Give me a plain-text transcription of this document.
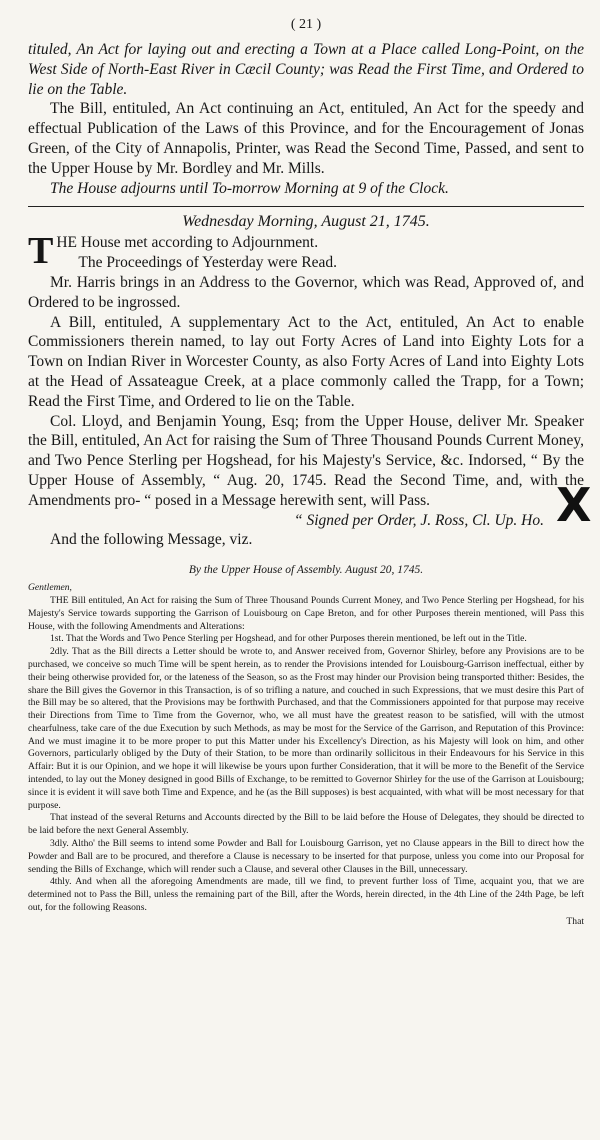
( 21 )

tituled, An Act for laying out and erecting a Town at a Place called Long-Point, on the West Side of North-East River in Cæcil County; was Read the First Time, and Ordered to lie on the Table.

The Bill, entituled, An Act continuing an Act, entituled, An Act for the speedy and effectual Publication of the Laws of this Province, and for the Encouragement of Jonas Green, of the City of Annapolis, Printer, was Read the Second Time, Passed, and sent to the Upper House by Mr. Bordley and Mr. Mills.

The House adjourns until To-morrow Morning at 9 of the Clock.

Wednesday Morning, August 21, 1745.

THE House met according to Adjournment.

The Proceedings of Yesterday were Read.

Mr. Harris brings in an Address to the Governor, which was Read, Approved of, and Ordered to be ingrossed.

A Bill, entituled, A supplementary Act to the Act, entituled, An Act to enable Commissioners therein named, to lay out Forty Acres of Land into Eighty Lots for a Town on Indian River in Worcester County, as also Forty Acres of Land into Eighty Lots at the Head of Assateague Creek, at a place commonly called the Trapp, for a Town; Read the First Time, and Ordered to lie on the Table.

Col. Lloyd, and Benjamin Young, Esq; from the Upper House, deliver Mr. Speaker the Bill, entituled, An Act for raising the Sum of Three Thousand Pounds Current Money, and Two Pence Sterling per Hogshead, for his Majesty's Service, &c. Indorsed, “ By the Upper House of Assembly, “ Aug. 20, 1745. Read the Second Time, and, with the Amendments pro- “ posed in a Message herewith sent, will Pass.

“ Signed per Order, J. Ross, Cl. Up. Ho.

And the following Message, viz.

By the Upper House of Assembly. August 20, 1745.

Gentlemen,

THE Bill entituled, An Act for raising the Sum of Three Thousand Pounds Current Money, and Two Pence Sterling per Hogshead, for his Majesty's Service towards supporting the Garrison of Louisbourg on Cape Breton, and for other Purposes therein mentioned, will Pass this House, with the following Amendments and Alterations:

1st. That the Words and Two Pence Sterling per Hogshead, and for other Purposes therein mentioned, be left out in the Title.

2dly. That as the Bill directs a Letter should be wrote to, and Answer received from, Governor Shirley, before any Provisions are to be purchased, we conceive so much Time will be spent herein, as to render the Provisions intended for Louisbourg-Garrison ineffectual, either by their being otherwise provided for, or the lateness of the Season, so as the Frost may hinder our Provision being transported thither: Besides, the share the Bill gives the Governor in this Transaction, is of so trifling a nature, and couched in such Expressions, that we must desire this Part of the Bill may be so altered, that the Provisions may be forthwith Purchased, and that the Commissioners appointed for that purpose may receive their Directions from Time to Time from the Governor, who, we all must have the greatest reason to be satisfied, will with the utmost chearfulness, take care of the due Execution by such Methods, as may be most for the Service of the Garrison, and Reputation of this Province: And we must imagine it to be more proper to put this Matter under his Excellency's Direction, as his Majesty will look on him, and other Governors, particularly obliged by the Duty of their Station, to be more than ordinarily sollicitous in their Endeavours for his Service in this Affair: But it is our Opinion, and we hope it will likewise be yours upon further Consideration, that it will be more to the Benefit of the Service intended, to lay out the Money designed in good Bills of Exchange, to be remitted to Governor Shirley for the use of the Garrison at Louisbourg; since it is evident it will save both Time and Expence, and he (as the Bill supposes) is best acquainted, with what will be most necessary for that purpose.

That instead of the several Returns and Accounts directed by the Bill to be laid before the House of Delegates, they should be directed to be laid before the next General Assembly.

3dly. Altho' the Bill seems to intend some Powder and Ball for Louisbourg Garrison, yet no Clause appears in the Bill to direct how the Powder and Ball are to be procured, and therefore a Clause is necessary to be inserted for that purpose, unless you come into our Proposal for sending the Bills of Exchange, which will render such a Clause, and several other Clauses in the Bill, unnecessary.

4thly. And when all the aforegoing Amendments are made, till we find, to prevent further loss of Time, acquaint you, that we are determined not to Pass the Bill, unless the remaining part of the Bill, after the Words, herein directed, in the 4th Line of the 24th Page, be left out, for the following Reasons.

That
X
